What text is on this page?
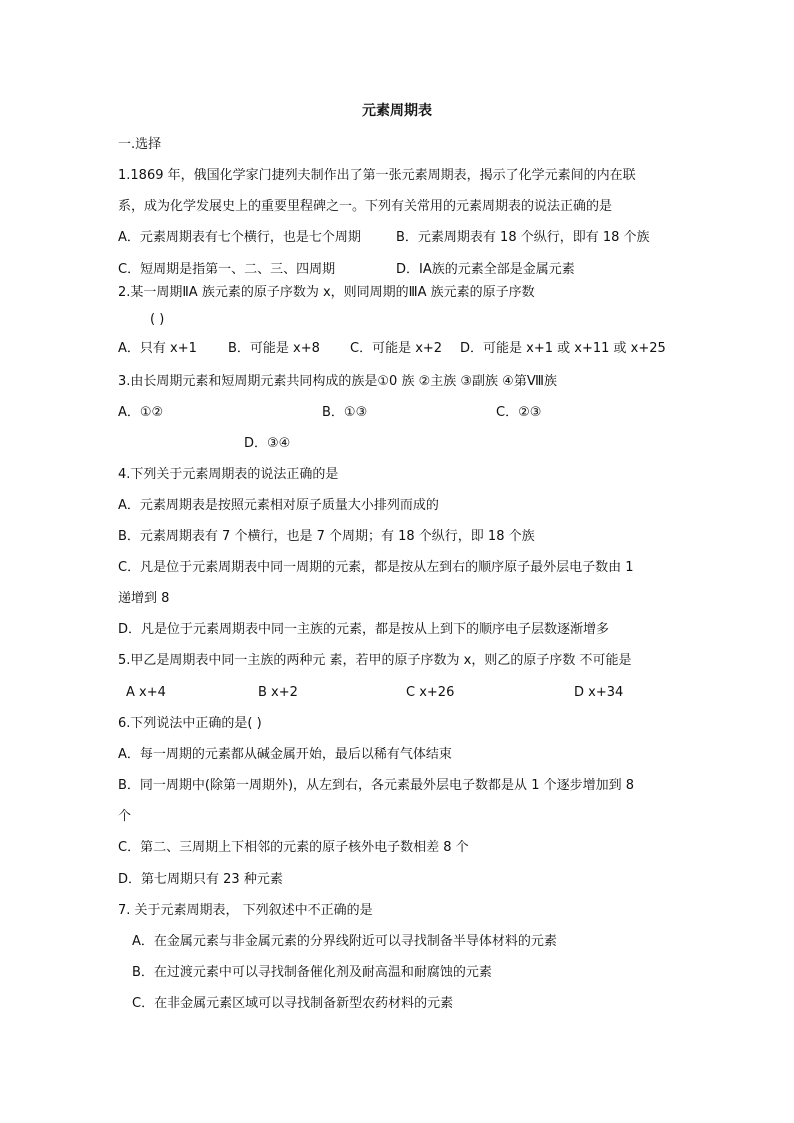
元素周期表
一.选择
1.1869 年，俄国化学家门捷列夫制作出了第一张元素周期表，揭示了化学元素间的内在联
系，成为化学发展史上的重要里程碑之一。下列有关常用的元素周期表的说法正确的是
A．元素周期表有七个横行，也是七个周期	B．元素周期表有 18 个纵行，即有 18 个族
C．短周期是指第一、二、三、四周期	D．ⅠA族的元素全部是金属元素
2.某一周期ⅡA 族元素的原子序数为 x，则同周期的ⅢA 族元素的原子序数
( )
A．只有 x+1 B．可能是 x+8 C．可能是 x+2 D．可能是 x+1 或 x+11 或 x+25
3.由长周期元素和短周期元素共同构成的族是①0 族 ②主族 ③副族 ④第Ⅷ族
A．①②	B．①③	C．②③
D．③④
4.下列关于元素周期表的说法正确的是
A．元素周期表是按照元素相对原子质量大小排列而成的
B．元素周期表有 7 个横行，也是 7 个周期；有 18 个纵行，即 18 个族
C．凡是位于元素周期表中同一周期的元素，都是按从左到右的顺序原子最外层电子数由 1
递增到 8
D．凡是位于元素周期表中同一主族的元素，都是按从上到下的顺序电子层数逐渐增多
5.甲乙是周期表中同一主族的两种元 素，若甲的原子序数为 x，则乙的原子序数 不可能是
A x+4	B x+2	C x+26	D x+34
6.下列说法中正确的是( )
A．每一周期的元素都从碱金属开始，最后以稀有气体结束
B．同一周期中(除第一周期外)，从左到右，各元素最外层电子数都是从 1 个逐步增加到 8
个
C．第二、三周期上下相邻的元素的原子核外电子数相差 8 个
D．第七周期只有 23 种元素
7. 关于元素周期表， 下列叙述中不正确的是
A．在金属元素与非金属元素的分界线附近可以寻找制备半导体材料的元素
B．在过渡元素中可以寻找制备催化剂及耐高温和耐腐蚀的元素
C．在非金属元素区域可以寻找制备新型农药材料的元素
